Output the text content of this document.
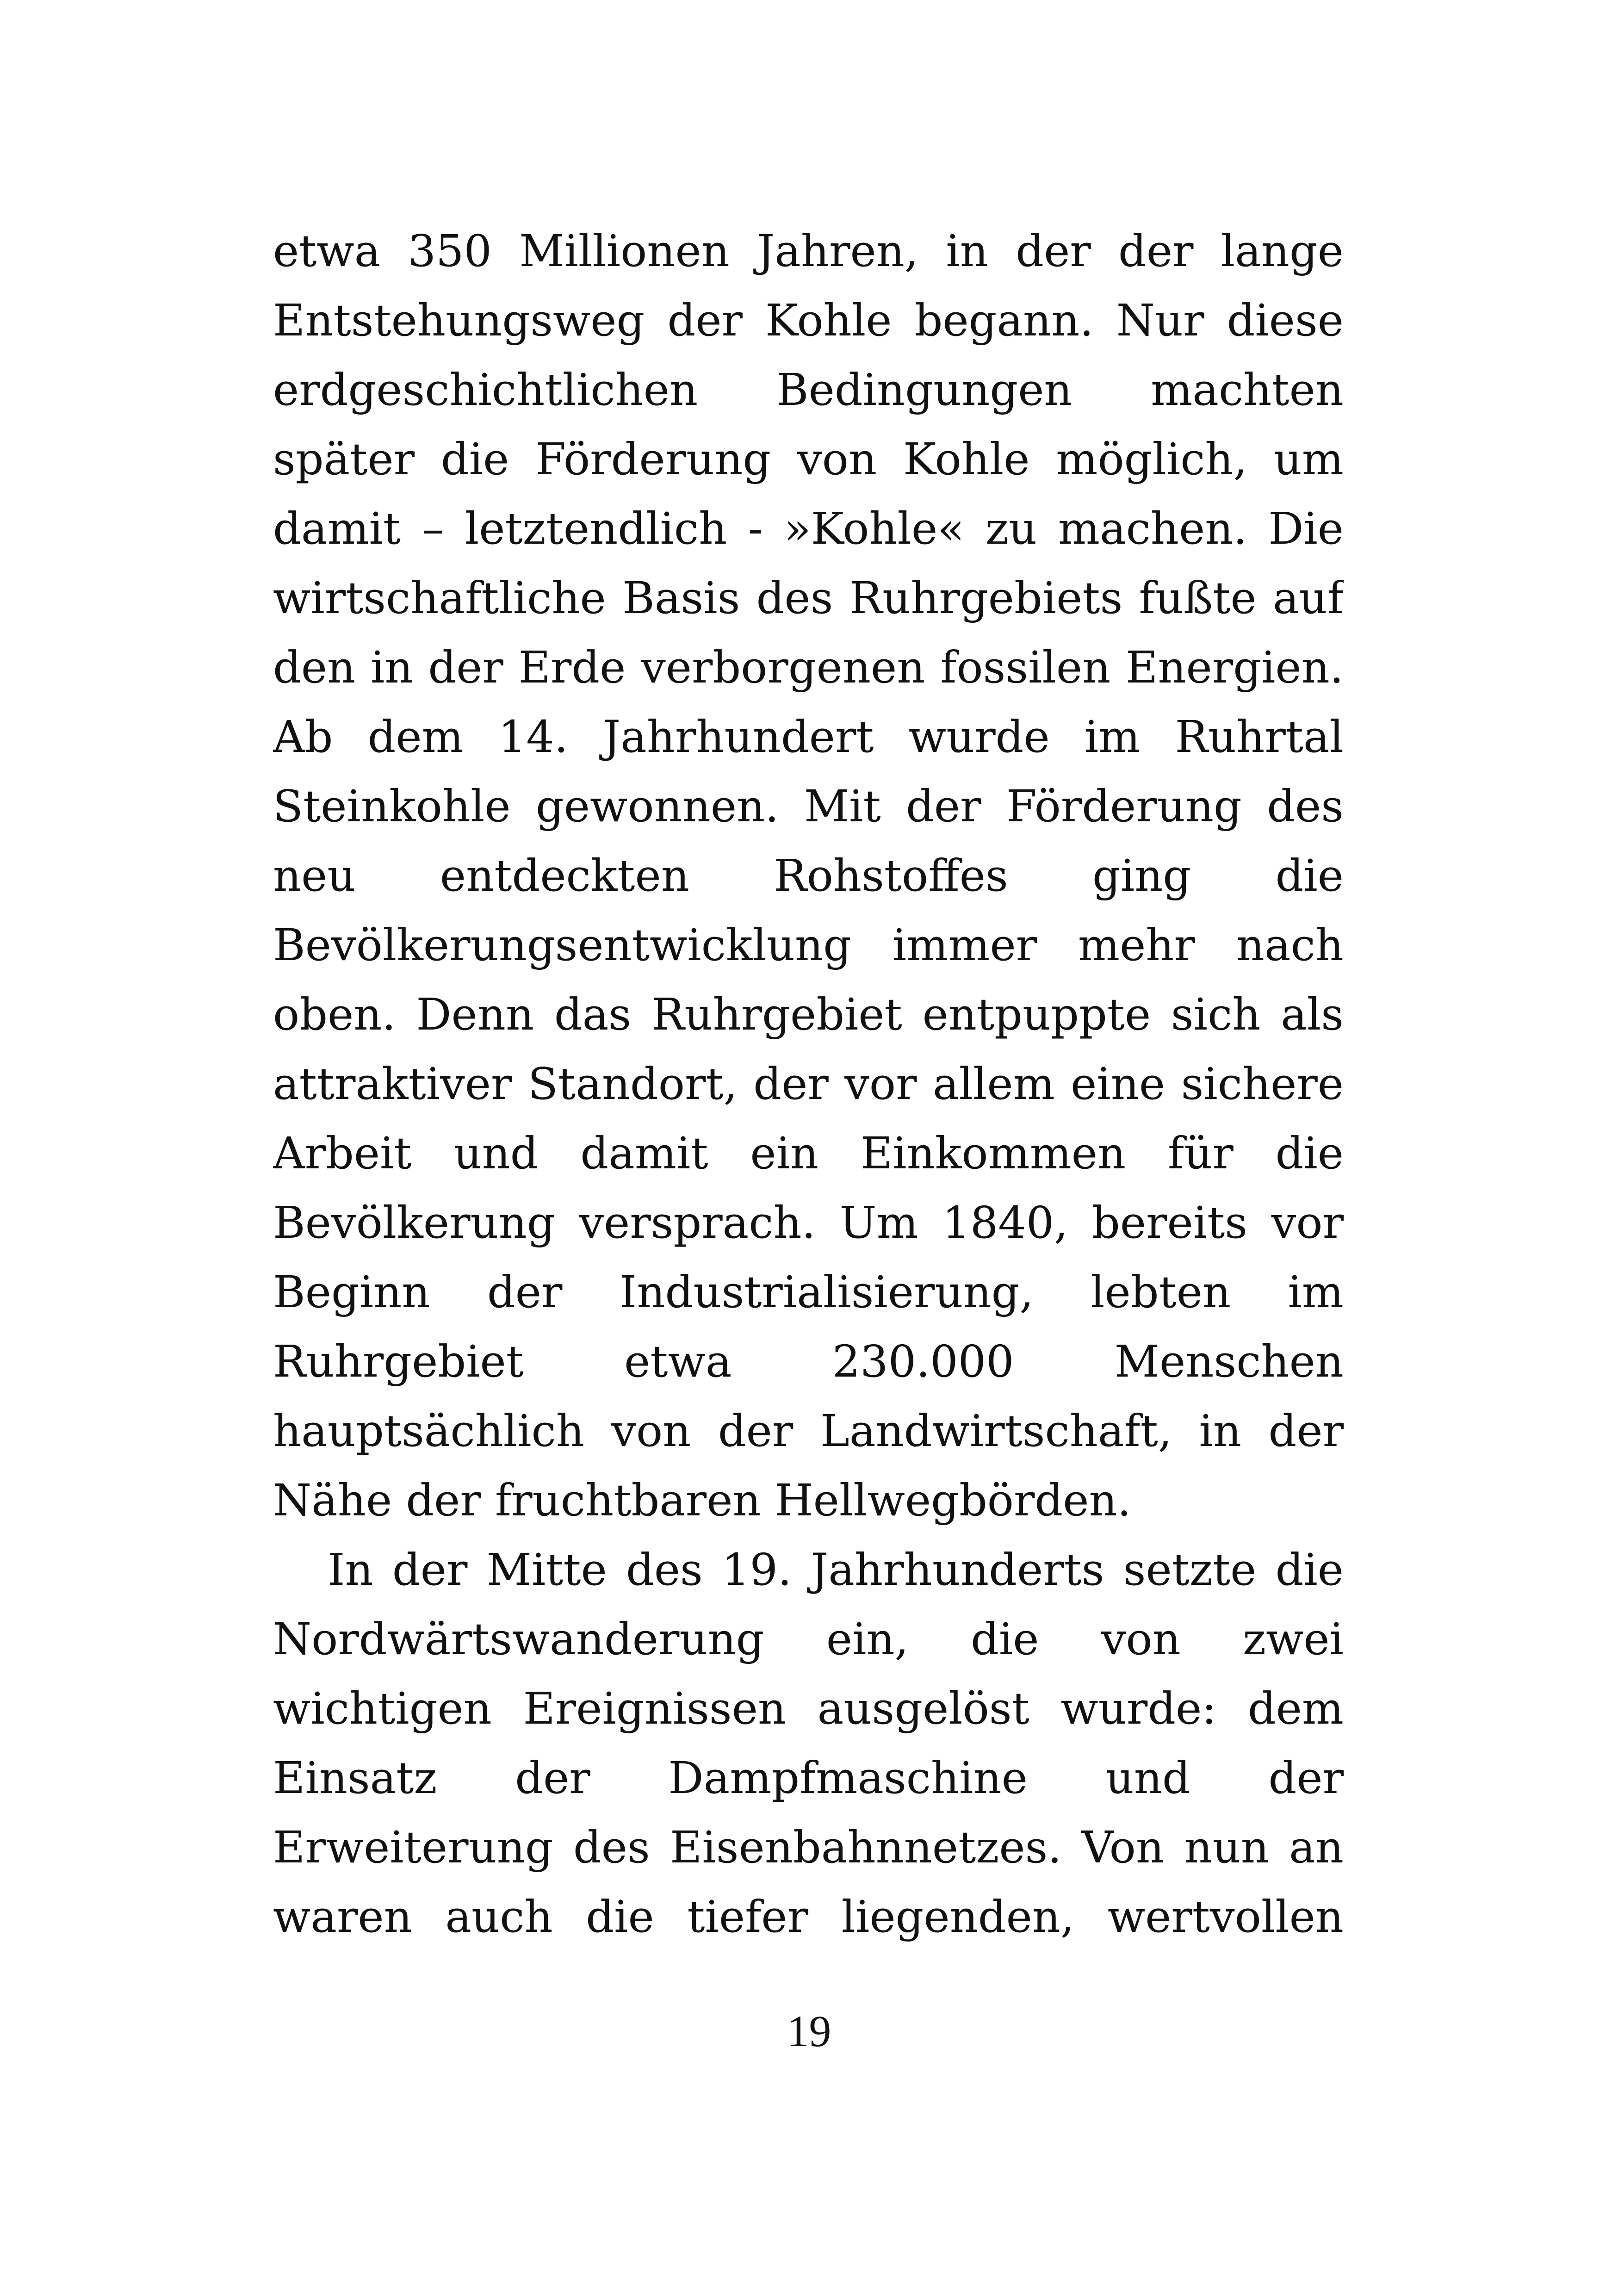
etwa 350 Millionen Jahren, in der der lange
Entstehungsweg der Kohle begann. Nur diese
erdgeschichtlichen Bedingungen machten
später die Förderung von Kohle möglich, um
damit – letztendlich - »Kohle« zu machen. Die
wirtschaftliche Basis des Ruhrgebiets fußte auf
den in der Erde verborgenen fossilen Energien.
Ab dem 14. Jahrhundert wurde im Ruhrtal
Steinkohle gewonnen. Mit der Förderung des
neu entdeckten Rohstoffes ging die
Bevölkerungsentwicklung immer mehr nach
oben. Denn das Ruhrgebiet entpuppte sich als
attraktiver Standort, der vor allem eine sichere
Arbeit und damit ein Einkommen für die
Bevölkerung versprach. Um 1840, bereits vor
Beginn der Industrialisierung, lebten im
Ruhrgebiet etwa 230.000 Menschen
hauptsächlich von der Landwirtschaft, in der
Nähe der fruchtbaren Hellwegbörden.
In der Mitte des 19. Jahrhunderts setzte die
Nordwärtswanderung ein, die von zwei
wichtigen Ereignissen ausgelöst wurde: dem
Einsatz der Dampfmaschine und der
Erweiterung des Eisenbahnnetzes. Von nun an
waren auch die tiefer liegenden, wertvollen
19
